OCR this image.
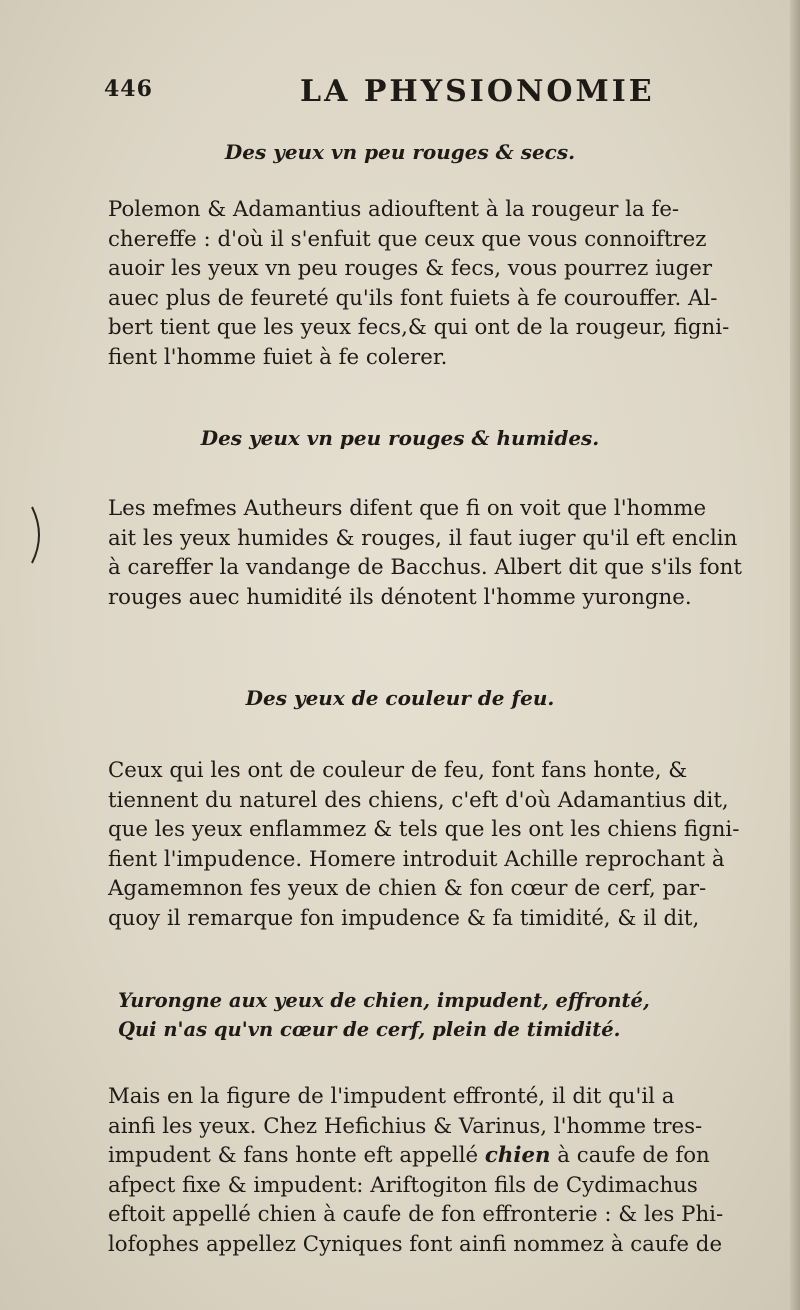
446	LA PHYSIONOMIE
Des yeux vn peu rouges & secs.
Polemon & Adamantius adiouftent à la rougeur la fe-
chereffe : d'où il s'enfuit que ceux que vous connoiftrez
auoir les yeux vn peu rouges & fecs, vous pourrez iuger
auec plus de feureté qu'ils font fuiets à fe courouffer. Al-
bert tient que les yeux fecs,& qui ont de la rougeur, figni-
fient l'homme fuiet à fe colerer.
Des yeux vn peu rouges & humides.
Les mefmes Autheurs difent que fi on voit que l'homme
ait les yeux humides & rouges, il faut iuger qu'il eft enclin
à careffer la vandange de Bacchus. Albert dit que s'ils font
rouges auec humidité ils dénotent l'homme yurongne.
Des yeux de couleur de feu.
Ceux qui les ont de couleur de feu, font fans honte, &
tiennent du naturel des chiens, c'eft d'où Adamantius dit,
que les yeux enflammez & tels que les ont les chiens figni-
fient l'impudence. Homere introduit Achille reprochant à
Agamemnon fes yeux de chien & fon cœur de cerf, par-
quoy il remarque fon impudence & fa timidité, & il dit,
Yurongne aux yeux de chien, impudent, effronté,
Qui n'as qu'vn cœur de cerf, plein de timidité.
Mais en la figure de l'impudent effronté, il dit qu'il a
ainfi les yeux. Chez Hefichius & Varinus, l'homme tres-
impudent & fans honte eft appellé chien à caufe de fon
afpect fixe & impudent: Ariftogiton fils de Cydimachus
eftoit appellé chien à caufe de fon effronterie : & les Phi-
lofophes appellez Cyniques font ainfi nommez à caufe de
